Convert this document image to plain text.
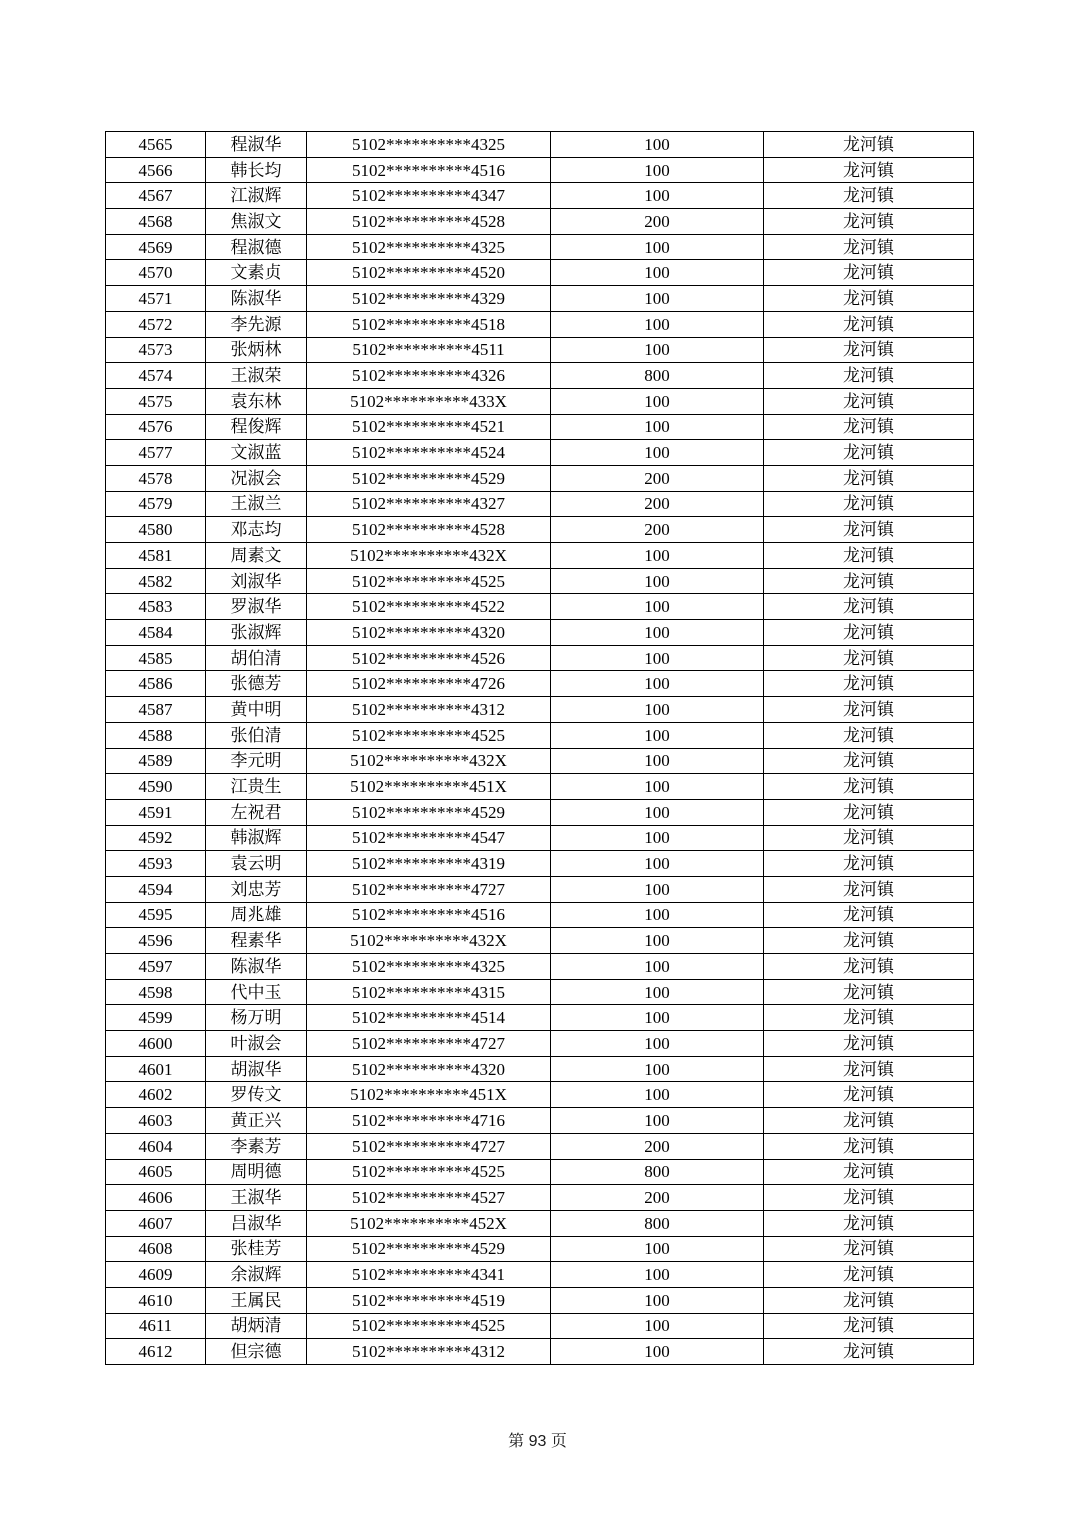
4565	程淑华	5102**********4325	100	龙河镇
4566	韩长均	5102**********4516	100	龙河镇
4567	江淑辉	5102**********4347	100	龙河镇
4568	焦淑文	5102**********4528	200	龙河镇
4569	程淑德	5102**********4325	100	龙河镇
4570	文素贞	5102**********4520	100	龙河镇
4571	陈淑华	5102**********4329	100	龙河镇
4572	李先源	5102**********4518	100	龙河镇
4573	张炳林	5102**********4511	100	龙河镇
4574	王淑荣	5102**********4326	800	龙河镇
4575	袁东林	5102**********433X	100	龙河镇
4576	程俊辉	5102**********4521	100	龙河镇
4577	文淑蓝	5102**********4524	100	龙河镇
4578	况淑会	5102**********4529	200	龙河镇
4579	王淑兰	5102**********4327	200	龙河镇
4580	邓志均	5102**********4528	200	龙河镇
4581	周素文	5102**********432X	100	龙河镇
4582	刘淑华	5102**********4525	100	龙河镇
4583	罗淑华	5102**********4522	100	龙河镇
4584	张淑辉	5102**********4320	100	龙河镇
4585	胡伯清	5102**********4526	100	龙河镇
4586	张德芳	5102**********4726	100	龙河镇
4587	黄中明	5102**********4312	100	龙河镇
4588	张伯清	5102**********4525	100	龙河镇
4589	李元明	5102**********432X	100	龙河镇
4590	江贵生	5102**********451X	100	龙河镇
4591	左祝君	5102**********4529	100	龙河镇
4592	韩淑辉	5102**********4547	100	龙河镇
4593	袁云明	5102**********4319	100	龙河镇
4594	刘忠芳	5102**********4727	100	龙河镇
4595	周兆雄	5102**********4516	100	龙河镇
4596	程素华	5102**********432X	100	龙河镇
4597	陈淑华	5102**********4325	100	龙河镇
4598	代中玉	5102**********4315	100	龙河镇
4599	杨万明	5102**********4514	100	龙河镇
4600	叶淑会	5102**********4727	100	龙河镇
4601	胡淑华	5102**********4320	100	龙河镇
4602	罗传文	5102**********451X	100	龙河镇
4603	黄正兴	5102**********4716	100	龙河镇
4604	李素芳	5102**********4727	200	龙河镇
4605	周明德	5102**********4525	800	龙河镇
4606	王淑华	5102**********4527	200	龙河镇
4607	吕淑华	5102**********452X	800	龙河镇
4608	张桂芳	5102**********4529	100	龙河镇
4609	余淑辉	5102**********4341	100	龙河镇
4610	王属民	5102**********4519	100	龙河镇
4611	胡炳清	5102**********4525	100	龙河镇
4612	但宗德	5102**********4312	100	龙河镇
第 93 页
